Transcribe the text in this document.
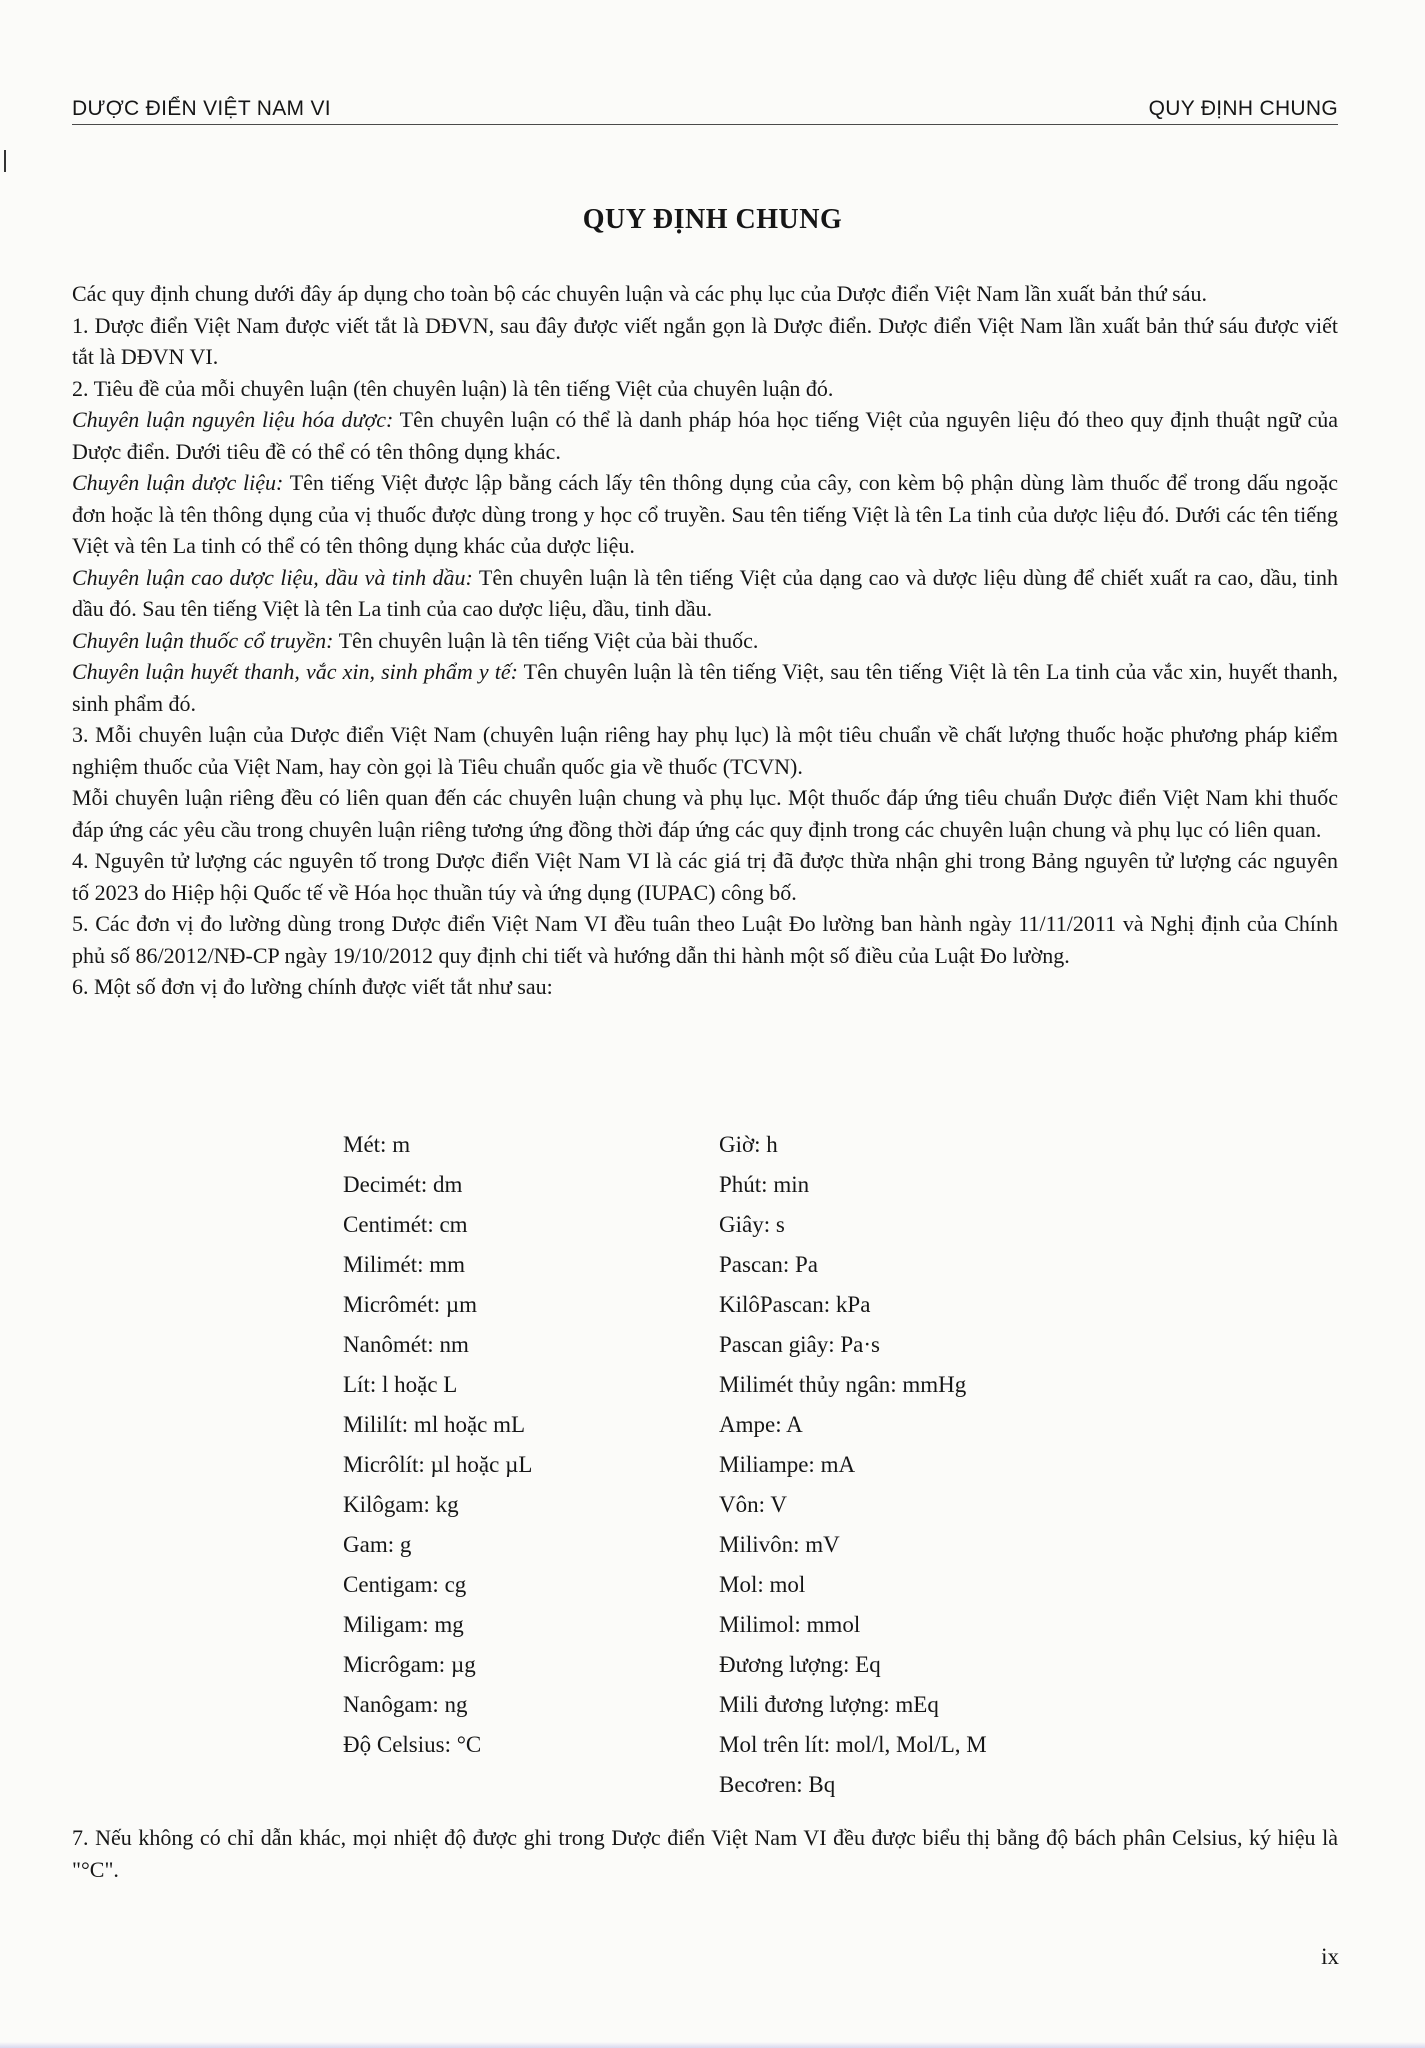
DƯỢC ĐIỂN VIỆT NAM VI	QUY ĐỊNH CHUNG
QUY ĐỊNH CHUNG

Các quy định chung dưới đây áp dụng cho toàn bộ các chuyên luận và các phụ lục của Dược điển Việt Nam lần xuất bản thứ sáu.

1. Dược điển Việt Nam được viết tắt là DĐVN, sau đây được viết ngắn gọn là Dược điển. Dược điển Việt Nam lần xuất bản thứ sáu được viết tắt là DĐVN VI.

2. Tiêu đề của mỗi chuyên luận (tên chuyên luận) là tên tiếng Việt của chuyên luận đó.

Chuyên luận nguyên liệu hóa dược: Tên chuyên luận có thể là danh pháp hóa học tiếng Việt của nguyên liệu đó theo quy định thuật ngữ của Dược điển. Dưới tiêu đề có thể có tên thông dụng khác.

Chuyên luận dược liệu: Tên tiếng Việt được lập bằng cách lấy tên thông dụng của cây, con kèm bộ phận dùng làm thuốc để trong dấu ngoặc đơn hoặc là tên thông dụng của vị thuốc được dùng trong y học cổ truyền. Sau tên tiếng Việt là tên La tinh của dược liệu đó. Dưới các tên tiếng Việt và tên La tinh có thể có tên thông dụng khác của dược liệu.

Chuyên luận cao dược liệu, dầu và tinh dầu: Tên chuyên luận là tên tiếng Việt của dạng cao và dược liệu dùng để chiết xuất ra cao, dầu, tinh dầu đó. Sau tên tiếng Việt là tên La tinh của cao dược liệu, dầu, tinh dầu.

Chuyên luận thuốc cổ truyền: Tên chuyên luận là tên tiếng Việt của bài thuốc.

Chuyên luận huyết thanh, vắc xin, sinh phẩm y tế: Tên chuyên luận là tên tiếng Việt, sau tên tiếng Việt là tên La tinh của vắc xin, huyết thanh, sinh phẩm đó.

3. Mỗi chuyên luận của Dược điển Việt Nam (chuyên luận riêng hay phụ lục) là một tiêu chuẩn về chất lượng thuốc hoặc phương pháp kiểm nghiệm thuốc của Việt Nam, hay còn gọi là Tiêu chuẩn quốc gia về thuốc (TCVN).

Mỗi chuyên luận riêng đều có liên quan đến các chuyên luận chung và phụ lục. Một thuốc đáp ứng tiêu chuẩn Dược điển Việt Nam khi thuốc đáp ứng các yêu cầu trong chuyên luận riêng tương ứng đồng thời đáp ứng các quy định trong các chuyên luận chung và phụ lục có liên quan.

4. Nguyên tử lượng các nguyên tố trong Dược điển Việt Nam VI là các giá trị đã được thừa nhận ghi trong Bảng nguyên tử lượng các nguyên tố 2023 do Hiệp hội Quốc tế về Hóa học thuần túy và ứng dụng (IUPAC) công bố.

5. Các đơn vị đo lường dùng trong Dược điển Việt Nam VI đều tuân theo Luật Đo lường ban hành ngày 11/11/2011 và Nghị định của Chính phủ số 86/2012/NĐ-CP ngày 19/10/2012 quy định chi tiết và hướng dẫn thi hành một số điều của Luật Đo lường.

6. Một số đơn vị đo lường chính được viết tắt như sau:

Mét: m
Decimét: dm
Centimét: cm
Milimét: mm
Micrômét: µm
Nanômét: nm
Lít: l hoặc L
Mililít: ml hoặc mL
Micrôlít: µl hoặc µL
Kilôgam: kg
Gam: g
Centigam: cg
Miligam: mg
Micrôgam: µg
Nanôgam: ng
Độ Celsius: °C
Giờ: h
Phút: min
Giây: s
Pascan: Pa
KilôPascan: kPa
Pascan giây: Pa·s
Milimét thủy ngân: mmHg
Ampe: A
Miliampe: mA
Vôn: V
Milivôn: mV
Mol: mol
Milimol: mmol
Đương lượng: Eq
Mili đương lượng: mEq
Mol trên lít: mol/l, Mol/L, M
Becơren: Bq

7. Nếu không có chỉ dẫn khác, mọi nhiệt độ được ghi trong Dược điển Việt Nam VI đều được biểu thị bằng độ bách phân Celsius, ký hiệu là "°C".

ix
